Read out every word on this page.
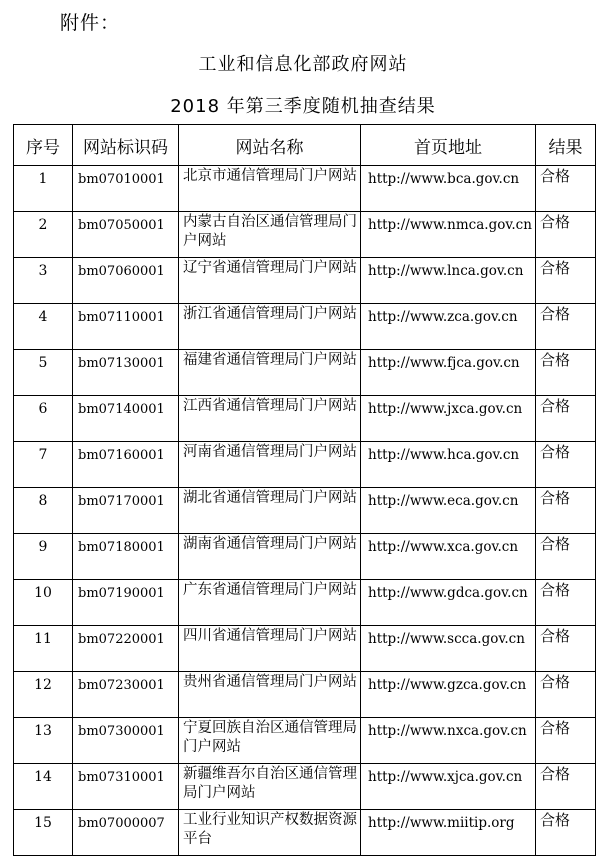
附件：
工业和信息化部政府网站
2018 年第三季度随机抽查结果
序号	网站标识码	网站名称	首页地址	结果
1	bm07010001	北京市通信管理局门户网站	http://www.bca.gov.cn	合格
2	bm07050001	内蒙古自治区通信管理局门户网站	http://www.nmca.gov.cn	合格
3	bm07060001	辽宁省通信管理局门户网站	http://www.lnca.gov.cn	合格
4	bm07110001	浙江省通信管理局门户网站	http://www.zca.gov.cn	合格
5	bm07130001	福建省通信管理局门户网站	http://www.fjca.gov.cn	合格
6	bm07140001	江西省通信管理局门户网站	http://www.jxca.gov.cn	合格
7	bm07160001	河南省通信管理局门户网站	http://www.hca.gov.cn	合格
8	bm07170001	湖北省通信管理局门户网站	http://www.eca.gov.cn	合格
9	bm07180001	湖南省通信管理局门户网站	http://www.xca.gov.cn	合格
10	bm07190001	广东省通信管理局门户网站	http://www.gdca.gov.cn	合格
11	bm07220001	四川省通信管理局门户网站	http://www.scca.gov.cn	合格
12	bm07230001	贵州省通信管理局门户网站	http://www.gzca.gov.cn	合格
13	bm07300001	宁夏回族自治区通信管理局门户网站	http://www.nxca.gov.cn	合格
14	bm07310001	新疆维吾尔自治区通信管理局门户网站	http://www.xjca.gov.cn	合格
15	bm07000007	工业行业知识产权数据资源平台	http://www.miitip.org	合格
